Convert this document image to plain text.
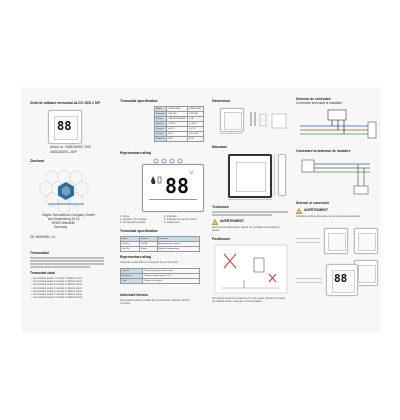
Ghid de utilizare termostat ALCO 25/S 1 5/P
88
Articol nr.: 0455116400, 25/S
0455116400...25/P
Ziuchard
Ziegler Schutzdruck Company GmbH
Am Donnerberg 10-12
87600 Wendelin
Germany
ZH 16030000 / v1
Termostatul
Termostat ctual
— termostatul poate fi montat in diferite locuri
— termostatul poate fi montat in diferite locuri
— termostatul poate fi montat in diferite locuri
— termostatul poate fi montat in diferite locuri
— termostatul poate fi montat in diferite locuri
— termostatul poate fi montat in diferite locuri
— termostatul poate fi montat in diferite locuri
Termostat specificatiue
Model	0455116400	0455116400
Tensiune	230V AC	230V AC
Putere	16A 230V/3000W	16A
Interval	5~35°C	5~35°C
Precizie	±0.5°C	±0.5°C
Senzor	NTC	NTC 10K
Protectie	IP20	IP20
Reprezentare afisaj
88
°C
1. Afisaj
2. Indicator de incalzire
3. Temperatura setata
4. Indicator
5. Indicator de senzor extern
6. Afisaj ceas
Termostat specificatiue
Buton	Functie	Descriere
Pornire	On/Off	Apasati pentru a porni
Sus/Jos	Setare	Modifica temperatura
Reprezentare afisaj
Selectati modul dorit cu butoanele de pe termostat
Confort	Pastreaza temperatura setata
Economic	Reduce temperatura cu 3°C
Oprit	Protectie la inghet
Informatii tehnice
Termostatul trebuie instalat de un electrician calificat conform normelor.
Dimensiuni
Masurare
Tensiunea
AVERTISMENT
Deconectati alimentarea inainte de a instala termostatul pe perete.
Pozitionare
Termostatul trebuie montat la 1.5 m de podea, departe de surse de caldura directa, ferestre si usi exterioare.
Schema de conectare
Conectare termostat la instalatie
Conectare la sistemul de incalzire
Senzori si conexiuni
AVERTISMENT
Instalarea trebuie efectuata numai de personal autorizat.
88
